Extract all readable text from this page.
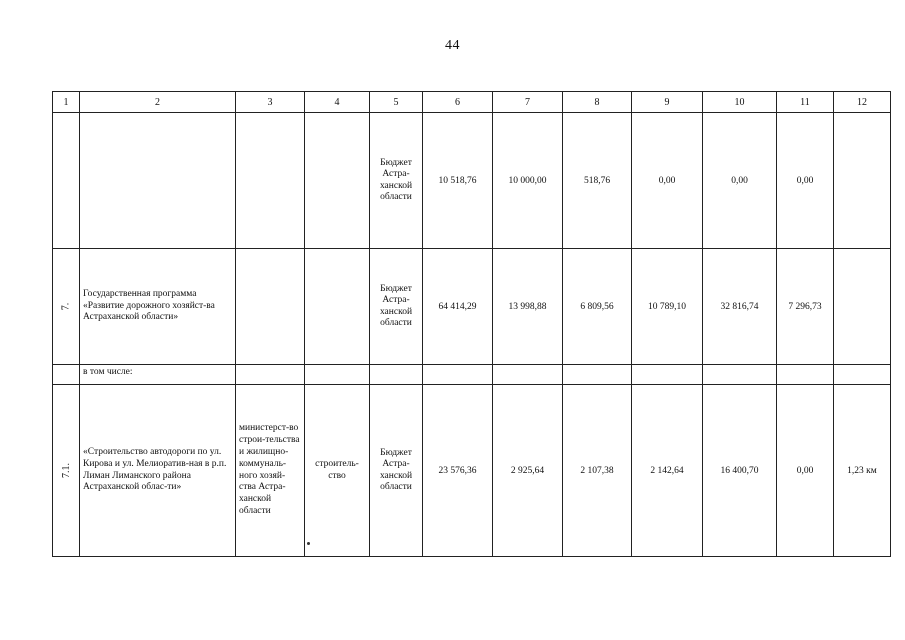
44
1	2	3	4	5	6	7	8	9	10	11	12
				Бюджет Астра-ханской области	10 518,76	10 000,00	518,76	0,00	0,00	0,00	
7.	Государственная программа «Развитие дорожного хозяйст-ва Астраханской области»			Бюджет Астра-ханской области	64 414,29	13 998,88	6 809,56	10 789,10	32 816,74	7 296,73	
	в том числе:										
7.1.	«Строительство автодороги по ул. Кирова и ул. Мелиоратив-ная в р.п. Лиман Лиманского района Астраханской облас-ти»	министерст-во строи-тельства и жилищно-коммуналь-ного хозяй-ства Астра-ханской области	строитель-ство	Бюджет Астра-ханской области	23 576,36	2 925,64	2 107,38	2 142,64	16 400,70	0,00	1,23 км
